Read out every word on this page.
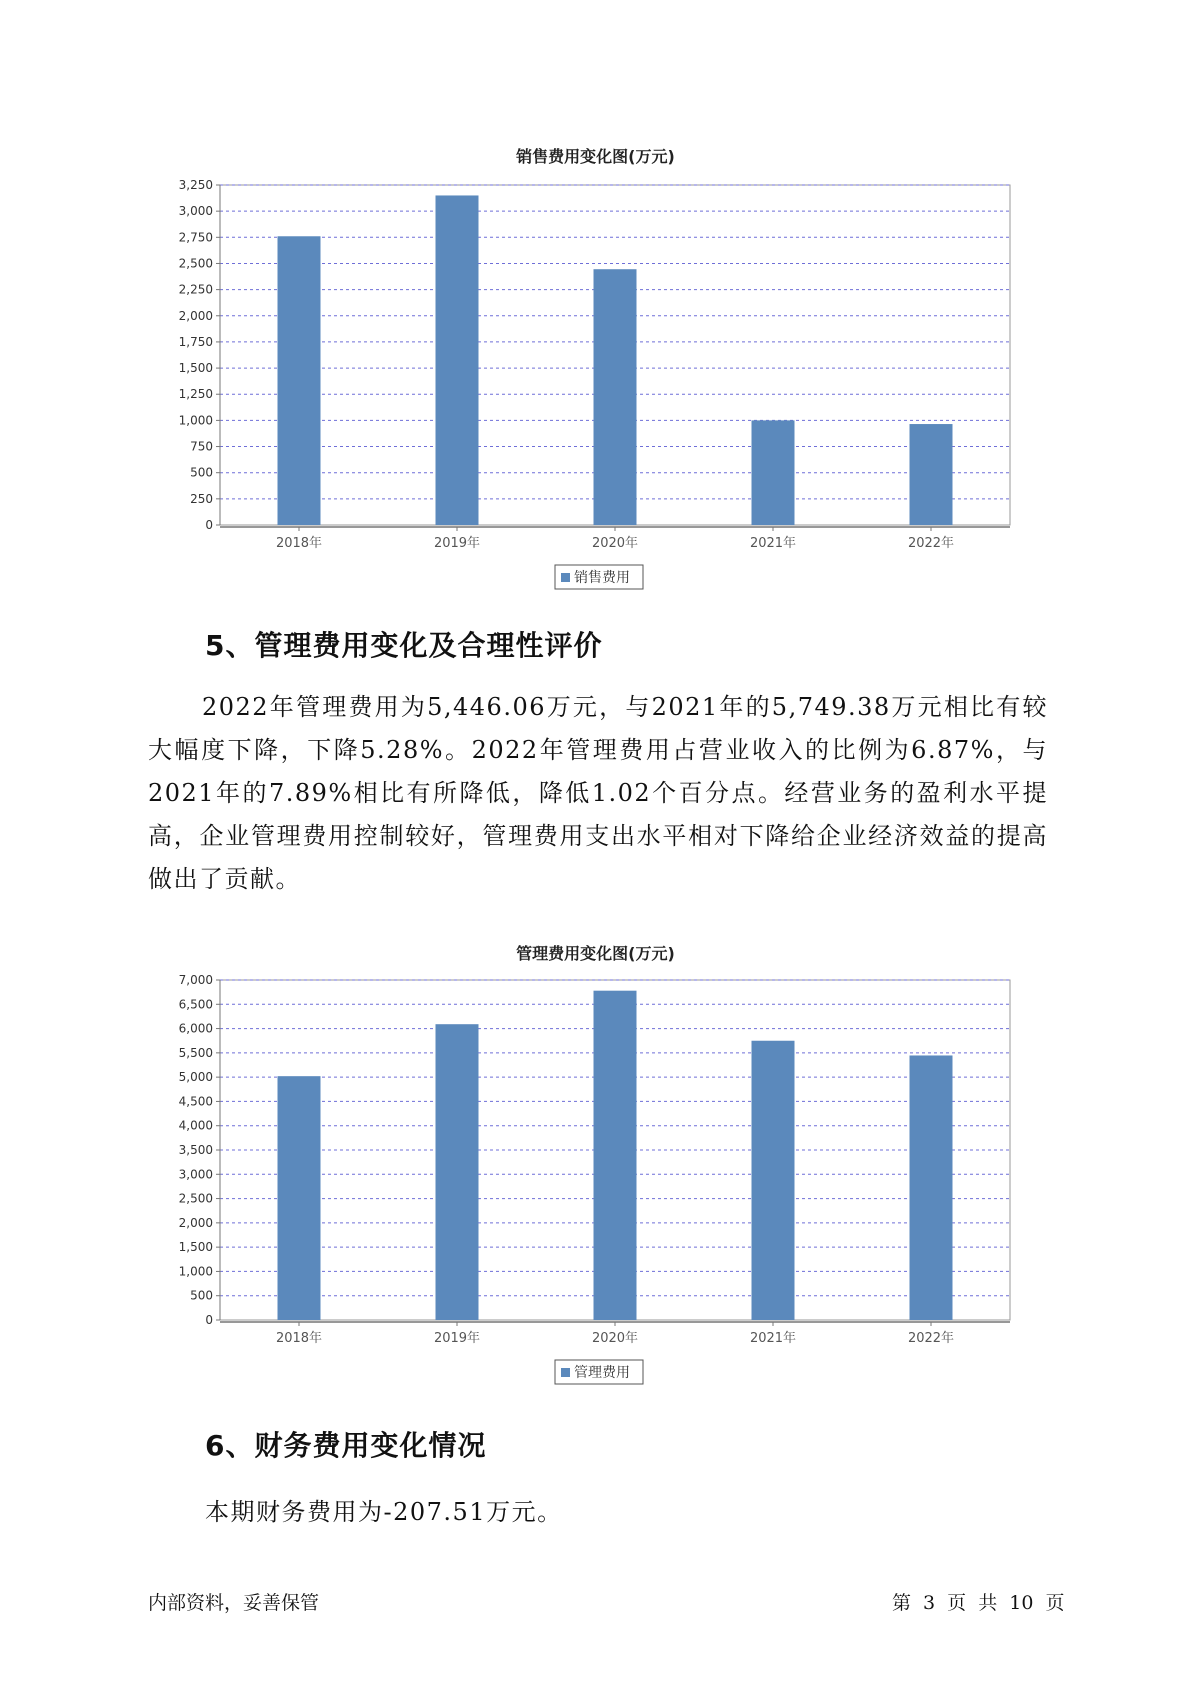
销售费用变化图(万元)
0
250
500
750
1,000
1,250
1,500
1,750
2,000
2,250
2,500
2,750
3,000
3,250
2018年	2019年	2020年	2021年	2022年
销售费用
5、管理费用变化及合理性评价
2022年管理费用为5,446.06万元，与2021年的5,749.38万元相比有较大幅度下降，下降5.28%。2022年管理费用占营业收入的比例为6.87%，与2021年的7.89%相比有所降低，降低1.02个百分点。经营业务的盈利水平提高，企业管理费用控制较好，管理费用支出水平相对下降给企业经济效益的提高做出了贡献。
管理费用变化图(万元)
0
500
1,000
1,500
2,000
2,500
3,000
3,500
4,000
4,500
5,000
5,500
6,000
6,500
7,000
2018年	2019年	2020年	2021年	2022年
管理费用
6、财务费用变化情况
本期财务费用为-207.51万元。
内部资料，妥善保管	第 3 页 共 10 页
